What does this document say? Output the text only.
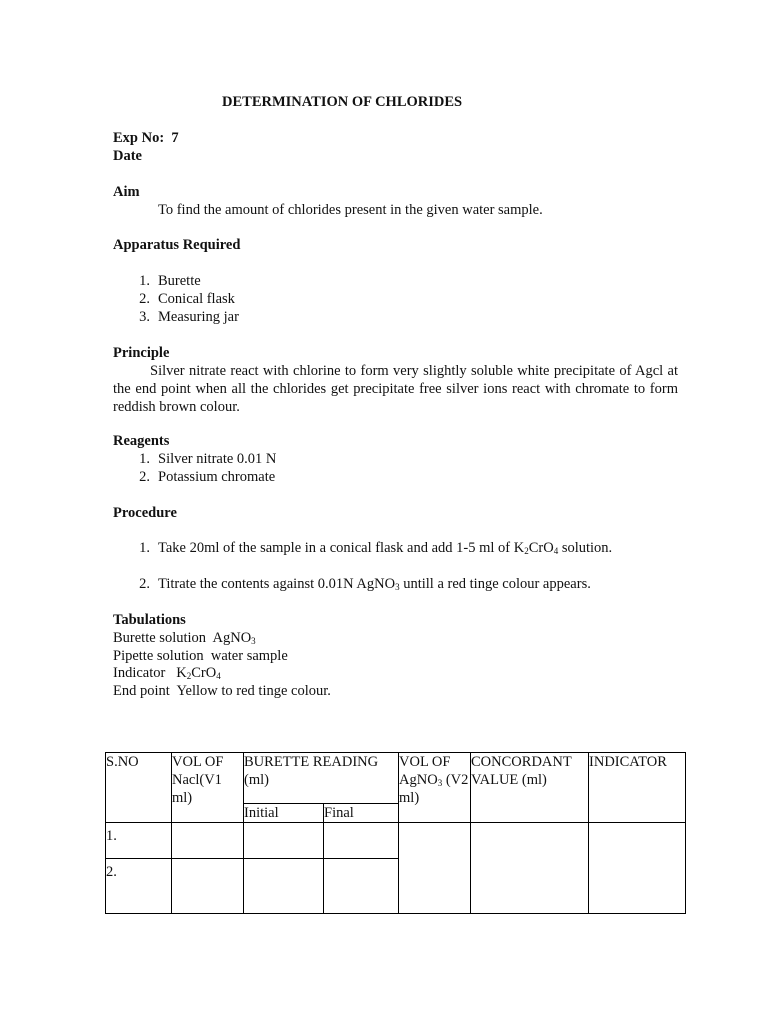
DETERMINATION OF CHLORIDES
Exp No: 7
Date
Aim
To find the amount of chlorides present in the given water sample.
Apparatus Required
1. Burette
2. Conical flask
3. Measuring jar
Principle
Silver nitrate react with chlorine to form very slightly soluble white precipitate of Agcl at the end point when all the chlorides get precipitate free silver ions react with chromate to form reddish brown colour.
Reagents
1. Silver nitrate 0.01 N
2. Potassium chromate
Procedure
1. Take 20ml of the sample in a conical flask and add 1-5 ml of $K_2CrO_4$ solution.
2. Titrate the contents against 0.01N AgNO$_3$ untill a red tinge colour appears.
Tabulations
Burette solution AgNO$_3$
Pipette solution water sample
Indicator $K_2CrO_4$
End point Yellow to red tinge colour.
S.NO	VOL OF Nacl(V1 ml)	BURETTE READING (ml)		VOL OF AgNO$_3$ (V2 ml)	CONCORDANT VALUE (ml)	INDICATOR
		Initial	Final			
1.						
2.						
